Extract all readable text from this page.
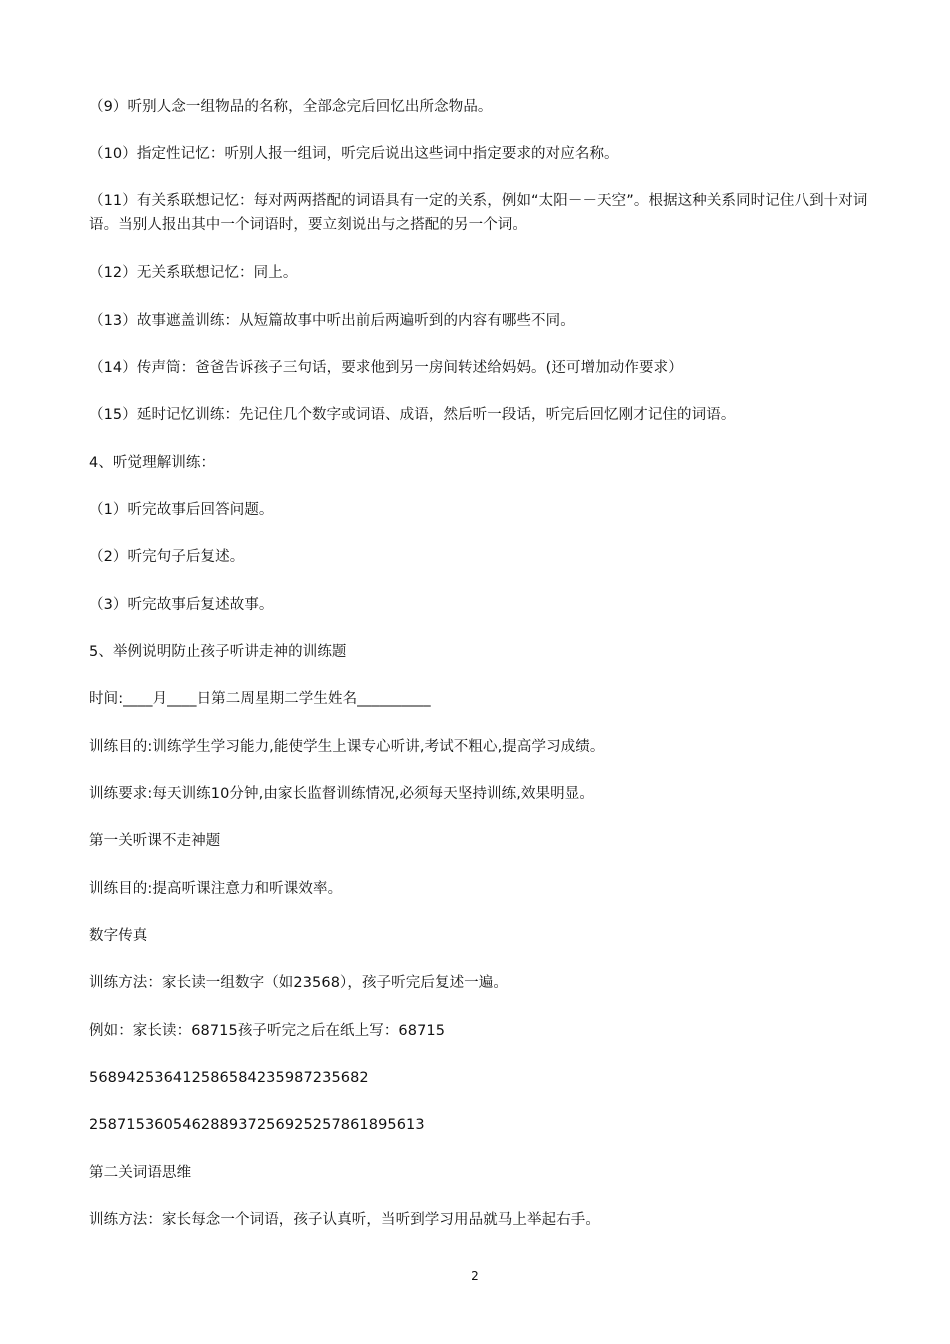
（9）听别人念一组物品的名称，全部念完后回忆出所念物品。

（10）指定性记忆：听别人报一组词，听完后说出这些词中指定要求的对应名称。

（11）有关系联想记忆：每对两两搭配的词语具有一定的关系，例如“太阳－－天空”。根据这种关系同时记住八到十对词语。当别人报出其中一个词语时，要立刻说出与之搭配的另一个词。

（12）无关系联想记忆：同上。

（13）故事遮盖训练：从短篇故事中听出前后两遍听到的内容有哪些不同。

（14）传声筒：爸爸告诉孩子三句话，要求他到另一房间转述给妈妈。(还可增加动作要求）

（15）延时记忆训练：先记住几个数字或词语、成语，然后听一段话，听完后回忆刚才记住的词语。

4、听觉理解训练：

（1）听完故事后回答问题。

（2）听完句子后复述。

（3）听完故事后复述故事。

5、举例说明防止孩子听讲走神的训练题

时间:____月____日第二周星期二学生姓名__________

训练目的:训练学生学习能力,能使学生上课专心听讲,考试不粗心,提高学习成绩。

训练要求:每天训练10分钟,由家长监督训练情况,必须每天坚持训练,效果明显。

第一关听课不走神题

训练目的:提高听课注意力和听课效率。

数字传真

训练方法：家长读一组数字（如23568），孩子听完后复述一遍。

例如：家长读：68715孩子听完之后在纸上写：68715

56894253641258658423598723568​2

2587153605462889372569252578618956​13

第二关词语思维

训练方法：家长每念一个词语，孩子认真听，当听到学习用品就马上举起右手。

2
